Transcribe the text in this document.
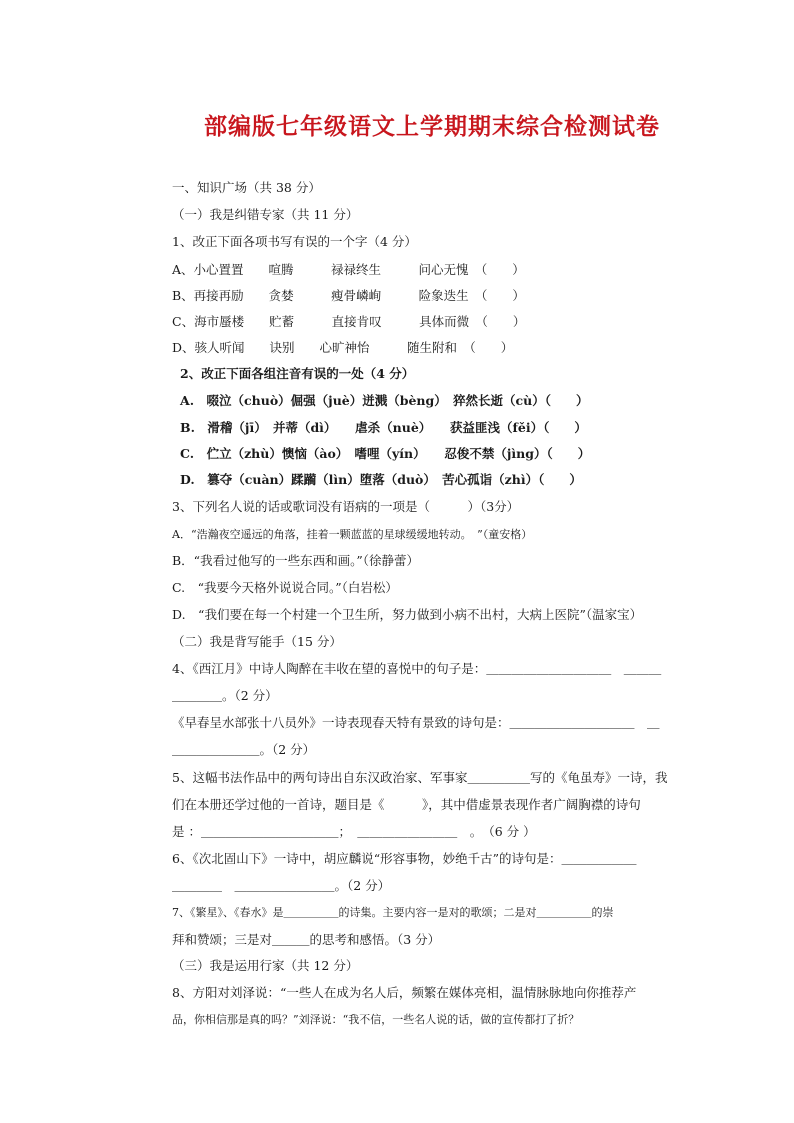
部编版七年级语文上学期期末综合检测试卷
一、知识广场（共 38 分）
（一）我是纠错专家（共 11 分）
1、改正下面各项书写有误的一个字（4 分）
A、小心置置　　喧腾　　　禄禄终生　　　问心无愧　（　　）
B、再接再励　　贪婪　　　瘦骨嶙峋　　　险象迭生　（　　）
C、海市蜃楼　　贮蓄　　　直接肯叹　　　具体而微　（　　）
D、骇人听闻　　诀别　　心旷神怡　　　随生附和　（　　）
2、改正下面各组注音有误的一处（4 分）
A.　啜泣（chuò）倔强（juè）迸溅（bèng）　猝然长逝（cù）（　　）
B.　滑稽（jī）　并蒂（dì）　　虐杀（nuè）　　获益匪浅（fěi）（　　）
C.　伫立（zhù）懊恼（ào）　嗜哩（yín）　　忍俊不禁（jìng）（　　）
D.　篡夺（cuàn）蹂躏（lìn）堕落（duò）　苦心孤诣（zhì）（　　）
3、下列名人说的话或歌词没有语病的一项是（　　　）（3分）
A．“浩瀚夜空遥远的角落，挂着一颗蓝蓝的星球缓缓地转动。　”（童安格）
B．“我看过他写的一些东西和画。”（徐静蕾）
C.　“我要今天格外说说合同。”（白岩松）
D.　“我们要在每一个村建一个卫生所，努力做到小病不出村，大病上医院”（温家宝）
（二）我是背写能手（15 分）
4、《西江月》中诗人陶醉在丰收在望的喜悦中的句子是：＿＿＿＿＿＿＿＿＿＿　＿＿＿
＿＿＿＿。（2 分）
《早春呈水部张十八员外》一诗表现春天特有景致的诗句是：＿＿＿＿＿＿＿＿＿＿　＿
＿＿＿＿＿＿＿。（2 分）
5、这幅书法作品中的两句诗出自东汉政治家、军事家＿＿＿＿＿写的《龟虽寿》一诗，我
们在本册还学过他的一首诗，题目是《　　　》，其中借虚景表现作者广阔胸襟的诗句
是 ：＿＿＿＿＿＿＿＿＿＿＿；　＿＿＿＿＿＿＿＿　。　（6 分 ）
6、《次北固山下》一诗中，胡应麟说“形容事物，妙绝千古”的诗句是：＿＿＿＿＿＿
＿＿＿＿　＿＿＿＿＿＿＿＿。（2 分）
7、《繁星》、《春水》是＿＿＿＿＿的诗集。主要内容一是对的歌颂；二是对＿＿＿＿＿的崇
拜和赞颂；三是对＿＿＿的思考和感悟。（3 分）
（三）我是运用行家（共 12 分）
8、方阳对刘泽说：“一些人在成为名人后，频繁在媒体亮相，温情脉脉地向你推荐产
品，你相信那是真的吗？”刘泽说：“我不信，一些名人说的话，做的宣传都打了折？
